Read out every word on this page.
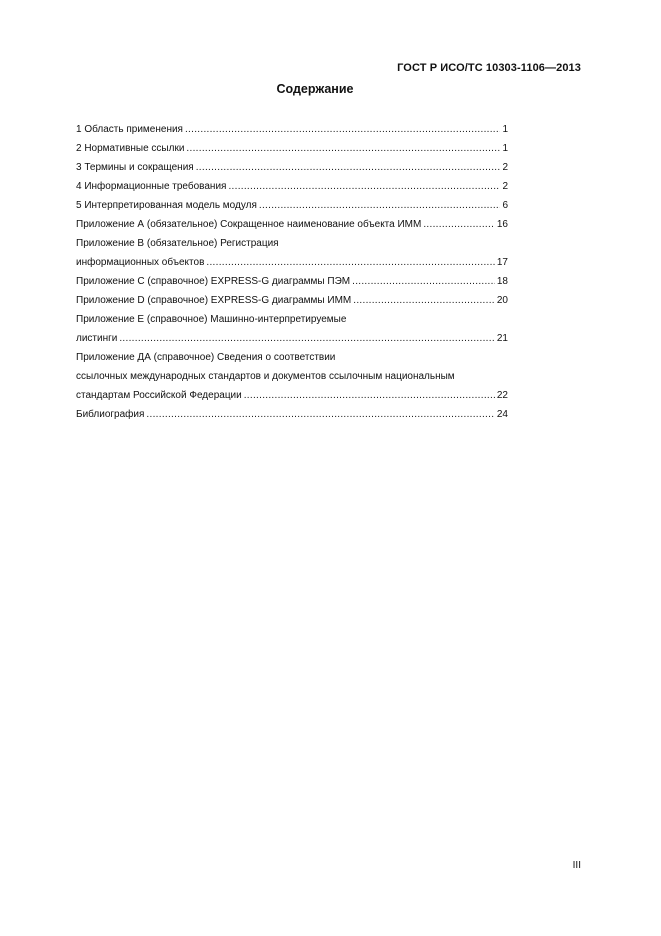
ГОСТ Р ИСО/ТС 10303-1106—2013
Содержание
1 Область применения .....	1
2 Нормативные ссылки .....	1
3 Термины и сокращения .....	2
4 Информационные требования .....	2
5 Интерпретированная модель модуля .....	6
Приложение А (обязательное) Сокращенное наименование объекта ИММ .....	16
Приложение В (обязательное) Регистрация
информационных объектов .....	17
Приложение С (справочное) EXPRESS-G диаграммы ПЭМ .....	18
Приложение D (справочное) EXPRESS-G диаграммы ИММ .....	20
Приложение Е (справочное) Машинно-интерпретируемые
листинги .....	21
Приложение ДА (справочное) Сведения о соответствии
ссылочных международных стандартов и документов ссылочным национальным
стандартам Российской Федерации .....	22
Библиография .....	24
III
